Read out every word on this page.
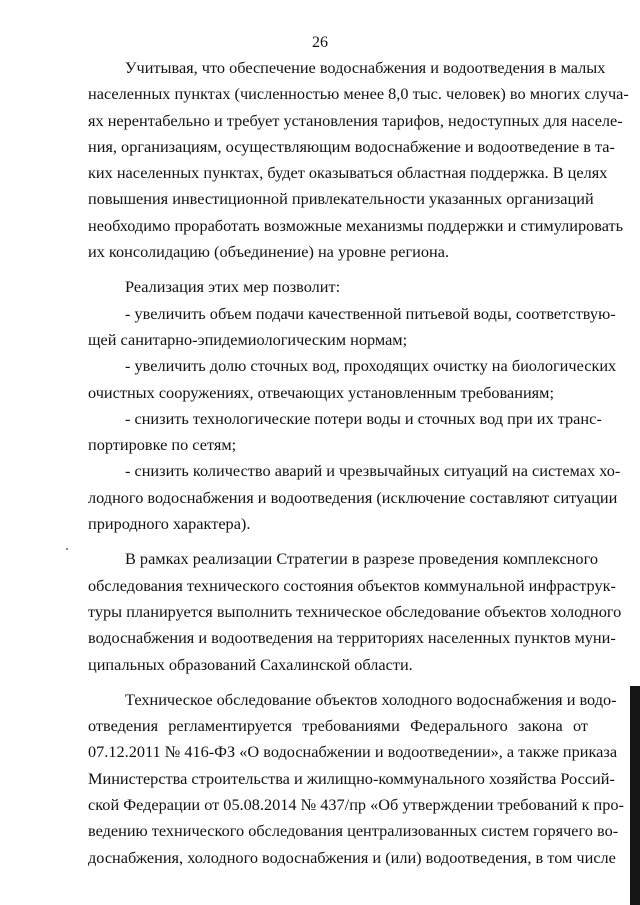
26

Учитывая, что обеспечение водоснабжения и водоотведения в малых
населенных пунктах (численностью менее 8,0 тыс. человек) во многих случа-
ях нерентабельно и требует установления тарифов, недоступных для населе-
ния, организациям, осуществляющим водоснабжение и водоотведение в та-
ких населенных пунктах, будет оказываться областная поддержка. В целях
повышения инвестиционной привлекательности указанных организаций
необходимо проработать возможные механизмы поддержки и стимулировать
их консолидацию (объединение) на уровне региона.

Реализация этих мер позволит:

- увеличить объем подачи качественной питьевой воды, соответствую-
щей санитарно-эпидемиологическим нормам;

- увеличить долю сточных вод, проходящих очистку на биологических
очистных сооружениях, отвечающих установленным требованиям;

- снизить технологические потери воды и сточных вод при их транс-
портировке по сетям;

- снизить количество аварий и чрезвычайных ситуаций на системах хо-
лодного водоснабжения и водоотведения (исключение составляют ситуации
природного характера).

В рамках реализации Стратегии в разрезе проведения комплексного
обследования технического состояния объектов коммунальной инфраструк-
туры планируется выполнить техническое обследование объектов холодного
водоснабжения и водоотведения на территориях населенных пунктов муни-
ципальных образований Сахалинской области.

Техническое обследование объектов холодного водоснабжения и водо-
отведения регламентируется требованиями Федерального закона от
07.12.2011 № 416-ФЗ «О водоснабжении и водоотведении», а также приказа
Министерства строительства и жилищно-коммунального хозяйства Россий-
ской Федерации от 05.08.2014 № 437/пр «Об утверждении требований к про-
ведению технического обследования централизованных систем горячего во-
доснабжения, холодного водоснабжения и (или) водоотведения, в том числе
